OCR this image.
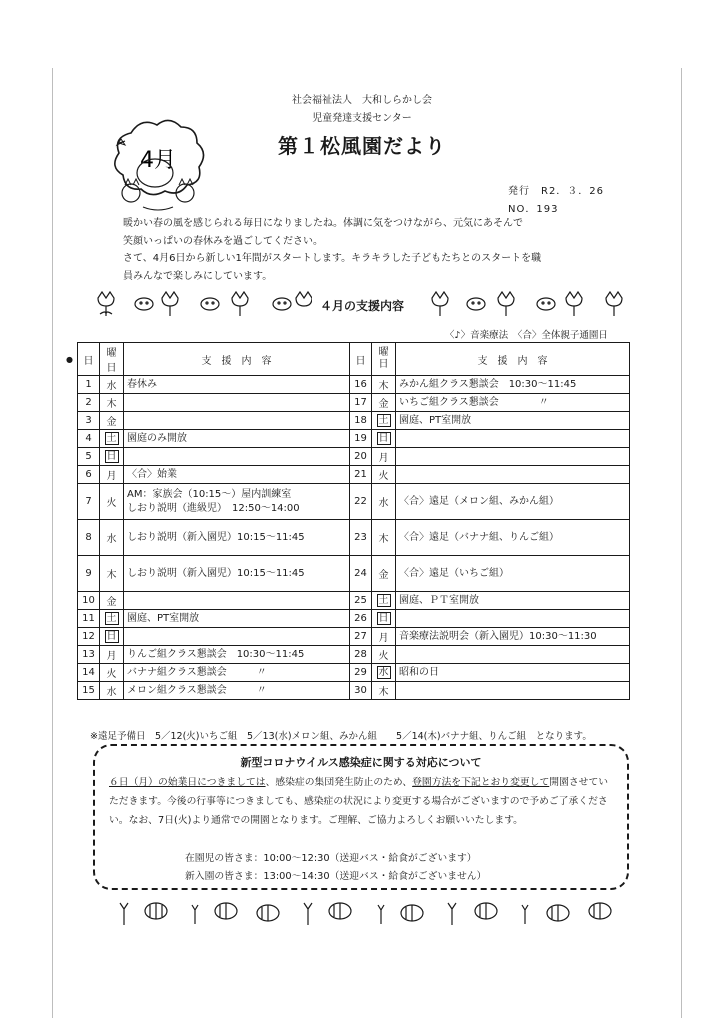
社会福祉法人　大和しらかし会
児童発達支援センター
第１松風園だより
4月
発行　R2．３．26
NO．193
暖かい春の風を感じられる毎日になりましたね。体調に気をつけながら、元気にあそんで
笑顔いっぱいの春休みを過ごしてください。
さて、4月6日から新しい1年間がスタートします。キラキラした子どもたちとのスタートを職
員みんなで楽しみにしています。
４月の支援内容
〈♪〉音楽療法　〈合〉全体親子通園日
● 日	曜日	支　援　内　容	日	曜
日	支　援　内　容
1	水	春休み	16	木	みかん組クラス懇談会　10:30～11:45

2	木		17	金	いちご組クラス懇談会　　　　〃

3	金		18	土	園庭、PT室開放

4	土	園庭のみ開放	19	日	

5	日		20	月	

6	月	〈合〉始業	21	火	

7	火	AM：家族会（10:15～）屋内訓練室
しおり説明（進級児）　12:50～14:00	22	水	〈合〉遠足（メロン組、みかん組）

8	水	しおり説明（新入園児）10:15～11:45	23	木	〈合〉遠足（バナナ組、りんご組）

9	木	しおり説明（新入園児）10:15～11:45	24	金	〈合〉遠足（いちご組）

10	金		25	土	園庭、ＰＴ室開放

11	土	園庭、PT室開放	26	日	

12	日		27	月	音楽療法説明会（新入園児）10:30～11:30

13	月	りんご組クラス懇談会　10:30～11:45	28	火	

14	火	バナナ組クラス懇談会　　　〃	29	水	昭和の日

15	水	メロン組クラス懇談会　　　〃	30	木	
※遠足予備日　5／12(火)いちご組　5／13(水)メロン組、みかん組　　5／14(木)バナナ組、りんご組　となります。
新型コロナウイルス感染症に関する対応について
６日（月）の始業日につきましては、感染症の集団発生防止のため、登園方法を下記とおり変更して開園させていただきます。今後の行事等につきましても、感染症の状況により変更する場合がございますので予めご了承ください。なお、7日(火)より通常での開園となります。ご理解、ご協力よろしくお願いいたします。
在園児の皆さま：10:00～12:30（送迎バス・給食がございます）
新入園の皆さま：13:00～14:30（送迎バス・給食がございません）
